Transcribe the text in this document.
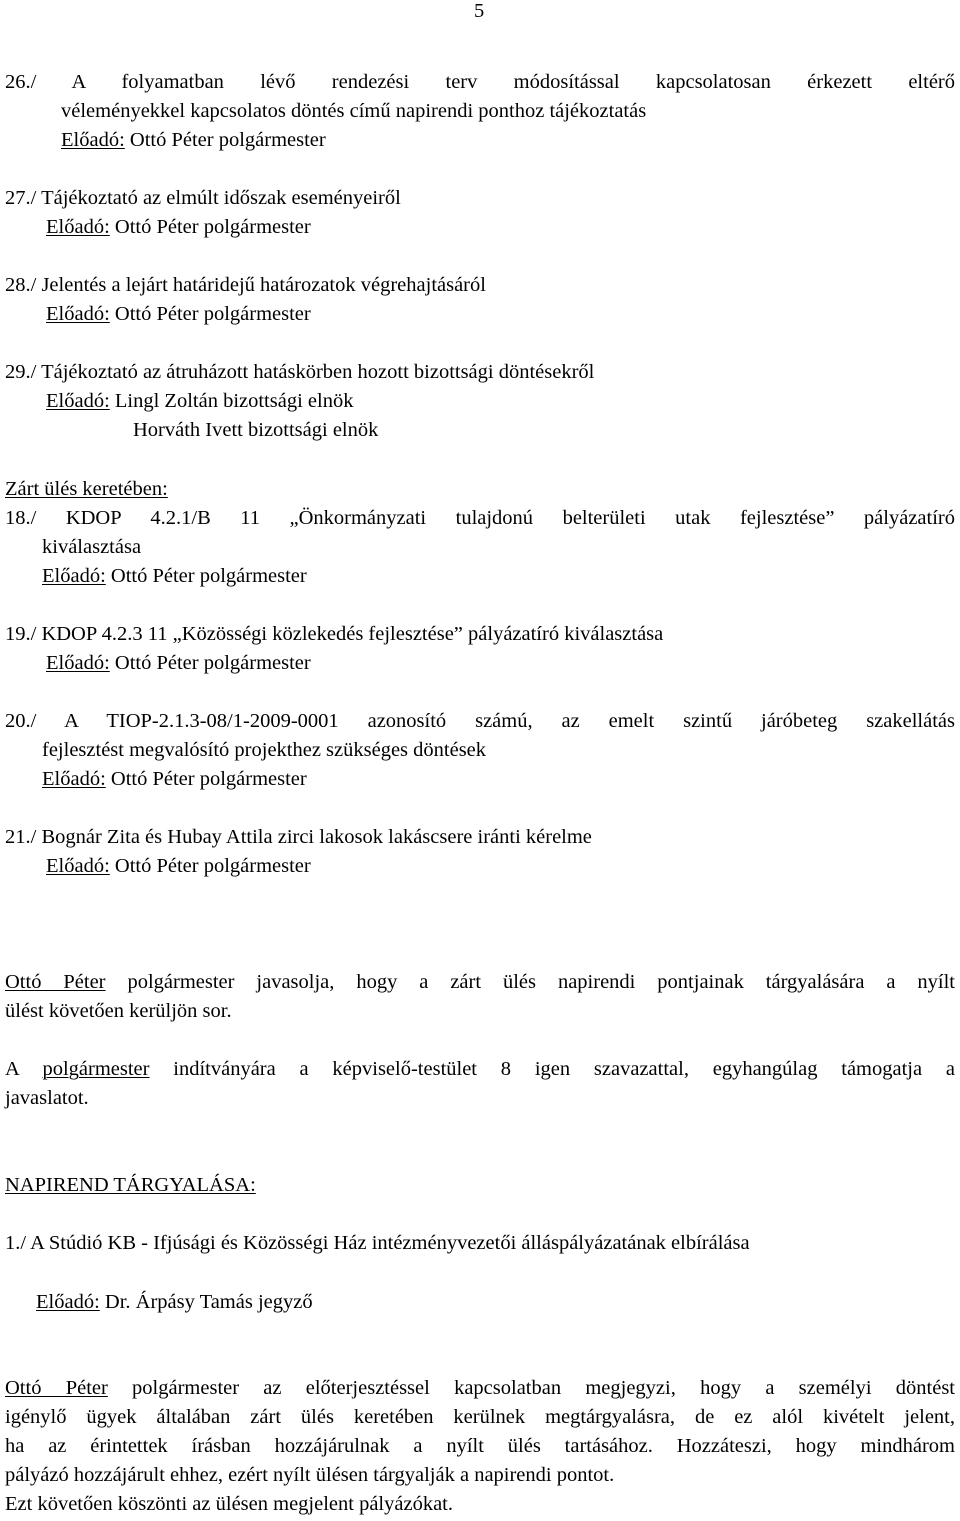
5
26./ A folyamatban lévő rendezési terv módosítással kapcsolatosan érkezett eltérő
véleményekkel kapcsolatos döntés című napirendi ponthoz tájékoztatás
Előadó: Ottó Péter polgármester
27./ Tájékoztató az elmúlt időszak eseményeiről
Előadó: Ottó Péter polgármester
28./ Jelentés a lejárt határidejű határozatok végrehajtásáról
Előadó: Ottó Péter polgármester
29./ Tájékoztató az átruházott hatáskörben hozott bizottsági döntésekről
Előadó: Lingl Zoltán bizottsági elnök
Horváth Ivett bizottsági elnök
Zárt ülés keretében:
18./ KDOP 4.2.1/B 11 „Önkormányzati tulajdonú belterületi utak fejlesztése” pályázatíró
kiválasztása
Előadó: Ottó Péter polgármester
19./ KDOP 4.2.3 11 „Közösségi közlekedés fejlesztése” pályázatíró kiválasztása
Előadó: Ottó Péter polgármester
20./ A TIOP-2.1.3-08/1-2009-0001 azonosító számú, az emelt szintű járóbeteg szakellátás
fejlesztést megvalósító projekthez szükséges döntések
Előadó: Ottó Péter polgármester
21./ Bognár Zita és Hubay Attila zirci lakosok lakáscsere iránti kérelme
Előadó: Ottó Péter polgármester
Ottó Péter polgármester javasolja, hogy a zárt ülés napirendi pontjainak tárgyalására a nyílt
ülést követően kerüljön sor.
A polgármester indítványára a képviselő-testület 8 igen szavazattal, egyhangúlag támogatja a
javaslatot.
NAPIREND TÁRGYALÁSA:
1./ A Stúdió KB - Ifjúsági és Közösségi Ház intézményvezetői álláspályázatának elbírálása
Előadó: Dr. Árpásy Tamás jegyző
Ottó Péter polgármester az előterjesztéssel kapcsolatban megjegyzi, hogy a személyi döntést
igénylő ügyek általában zárt ülés keretében kerülnek megtárgyalásra, de ez alól kivételt jelent,
ha az érintettek írásban hozzájárulnak a nyílt ülés tartásához. Hozzáteszi, hogy mindhárom
pályázó hozzájárult ehhez, ezért nyílt ülésen tárgyalják a napirendi pontot.
Ezt követően köszönti az ülésen megjelent pályázókat.
